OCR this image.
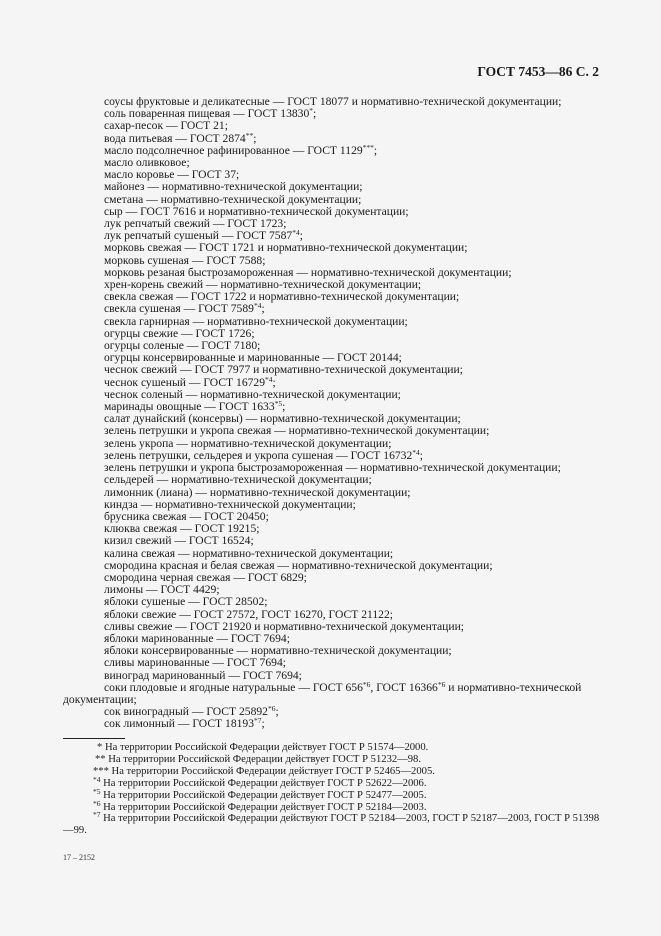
ГОСТ 7453—86 С. 2

соусы фруктовые и деликатесные — ГОСТ 18077 и нормативно-технической документации;

соль поваренная пищевая — ГОСТ 13830*;

сахар-песок — ГОСТ 21;

вода питьевая — ГОСТ 2874**;

масло подсолнечное рафинированное — ГОСТ 1129***;

масло оливковое;

масло коровье — ГОСТ 37;

майонез — нормативно-технической документации;

сметана — нормативно-технической документации;

сыр — ГОСТ 7616 и нормативно-технической документации;

лук репчатый свежий — ГОСТ 1723;

лук репчатый сушеный — ГОСТ 7587$^{*4}$;

морковь свежая — ГОСТ 1721 и нормативно-технической документации;

морковь сушеная — ГОСТ 7588;

морковь резаная быстрозамороженная — нормативно-технической документации;

хрен-корень свежий — нормативно-технической документации;

свекла свежая — ГОСТ 1722 и нормативно-технической документации;

свекла сушеная — ГОСТ 7589$^{*4}$;

свекла гарнирная — нормативно-технической документации;

огурцы свежие — ГОСТ 1726;

огурцы соленые — ГОСТ 7180;

огурцы консервированные и маринованные — ГОСТ 20144;

чеснок свежий — ГОСТ 7977 и нормативно-технической документации;

чеснок сушеный — ГОСТ 16729$^{*4}$;

чеснок соленый — нормативно-технической документации;

маринады овощные — ГОСТ 1633$^{*5}$;

салат дунайский (консервы) — нормативно-технической документации;

зелень петрушки и укропа свежая — нормативно-технической документации;

зелень укропа — нормативно-технической документации;

зелень петрушки, сельдерея и укропа сушеная — ГОСТ 16732$^{*4}$;

зелень петрушки и укропа быстрозамороженная — нормативно-технической документации;

сельдерей — нормативно-технической документации;

лимонник (лиана) — нормативно-технической документации;

киндза — нормативно-технической документации;

брусника свежая — ГОСТ 20450;

клюква свежая — ГОСТ 19215;

кизил свежий — ГОСТ 16524;

калина свежая — нормативно-технической документации;

смородина красная и белая свежая — нормативно-технической документации;

смородина черная свежая — ГОСТ 6829;

лимоны — ГОСТ 4429;

яблоки сушеные — ГОСТ 28502;

яблоки свежие — ГОСТ 27572, ГОСТ 16270, ГОСТ 21122;

сливы свежие — ГОСТ 21920 и нормативно-технической документации;

яблоки маринованные — ГОСТ 7694;

яблоки консервированные — нормативно-технической документации;

сливы маринованные — ГОСТ 7694;

виноград маринованный — ГОСТ 7694;

соки плодовые и ягодные натуральные — ГОСТ 656$^{*6}$, ГОСТ 16366$^{*6}$ и нормативно-технической документации;

сок виноградный — ГОСТ 25892$^{*6}$;

сок лимонный — ГОСТ 18193$^{*7}$;

* На территории Российской Федерации действует ГОСТ Р 51574—2000.

** На территории Российской Федерации действует ГОСТ Р 51232—98.

*** На территории Российской Федерации действует ГОСТ Р 52465—2005.

$^{*4}$ На территории Российской Федерации действует ГОСТ Р 52622—2006.

$^{*5}$ На территории Российской Федерации действует ГОСТ Р 52477—2005.

$^{*6}$ На территории Российской Федерации действует ГОСТ Р 52184—2003.

$^{*7}$ На территории Российской Федерации действуют ГОСТ Р 52184—2003, ГОСТ Р 52187—2003, ГОСТ Р 51398—99.

17 – 2152
